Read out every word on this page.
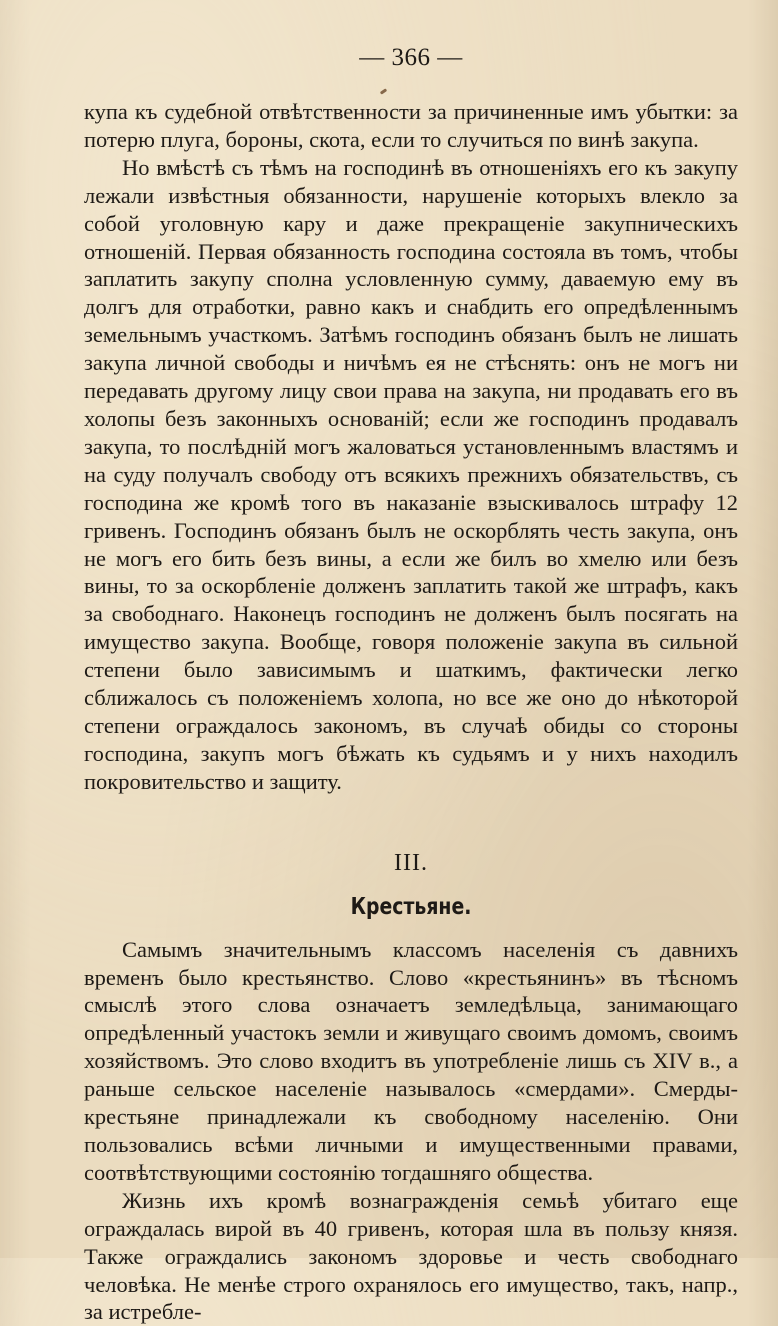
— 366 —

купа къ судебной отвѣтственности за причиненные имъ убытки: за потерю плуга, бороны, скота, если то случиться по винѣ закупа.

Но вмѣстѣ съ тѣмъ на господинѣ въ отношеніяхъ его къ закупу лежали извѣстныя обязанности, нарушеніе которыхъ влекло за собой уголовную кару и даже прекращеніе закупническихъ отношеній. Первая обязанность господина состояла въ томъ, чтобы заплатить закупу сполна условленную сумму, даваемую ему въ долгъ для отработки, равно какъ и снабдить его опредѣленнымъ земельнымъ участкомъ. Затѣмъ господинъ обязанъ былъ не лишать закупа личной свободы и ничѣмъ ея не стѣснять: онъ не могъ ни передавать другому лицу свои права на закупа, ни продавать его въ холопы безъ законныхъ основаній; если же господинъ продавалъ закупа, то послѣдній могъ жаловаться установленнымъ властямъ и на суду получалъ свободу отъ всякихъ прежнихъ обязательствъ, съ господина же кромѣ того въ наказаніе взыскивалось штрафу 12 гривенъ. Господинъ обязанъ былъ не оскорблять честь закупа, онъ не могъ его бить безъ вины, а если же билъ во хмелю или безъ вины, то за оскорбленіе долженъ заплатить такой же штрафъ, какъ за свободнаго. Наконецъ господинъ не долженъ былъ посягать на имущество закупа. Вообще, говоря положеніе закупа въ сильной степени было зависимымъ и шаткимъ, фактически легко сближалось съ положеніемъ холопа, но все же оно до нѣкоторой степени ограждалось закономъ, въ случаѣ обиды со стороны господина, закупъ могъ бѣжать къ судьямъ и у нихъ находилъ покровительство и защиту.

III.
Крестьяне.

Самымъ значительнымъ классомъ населенія съ давнихъ временъ было крестьянство. Слово «крестьянинъ» въ тѣсномъ смыслѣ этого слова означаетъ земледѣльца, занимающаго опредѣленный участокъ земли и живущаго своимъ домомъ, своимъ хозяйствомъ. Это слово входитъ въ употребленіе лишь съ XIV в., а раньше сельское населеніе называлось «смердами». Смерды-крестьяне принадлежали къ свободному населенію. Они пользовались всѣми личными и имущественными правами, соотвѣтствующими состоянію тогдашняго общества.

Жизнь ихъ кромѣ вознагражденія семьѣ убитаго еще ограждалась вирой въ 40 гривенъ, которая шла въ пользу князя. Также ограждались закономъ здоровье и честь свободнаго человѣка. Не менѣе строго охранялось его имущество, такъ, напр., за истребле-
